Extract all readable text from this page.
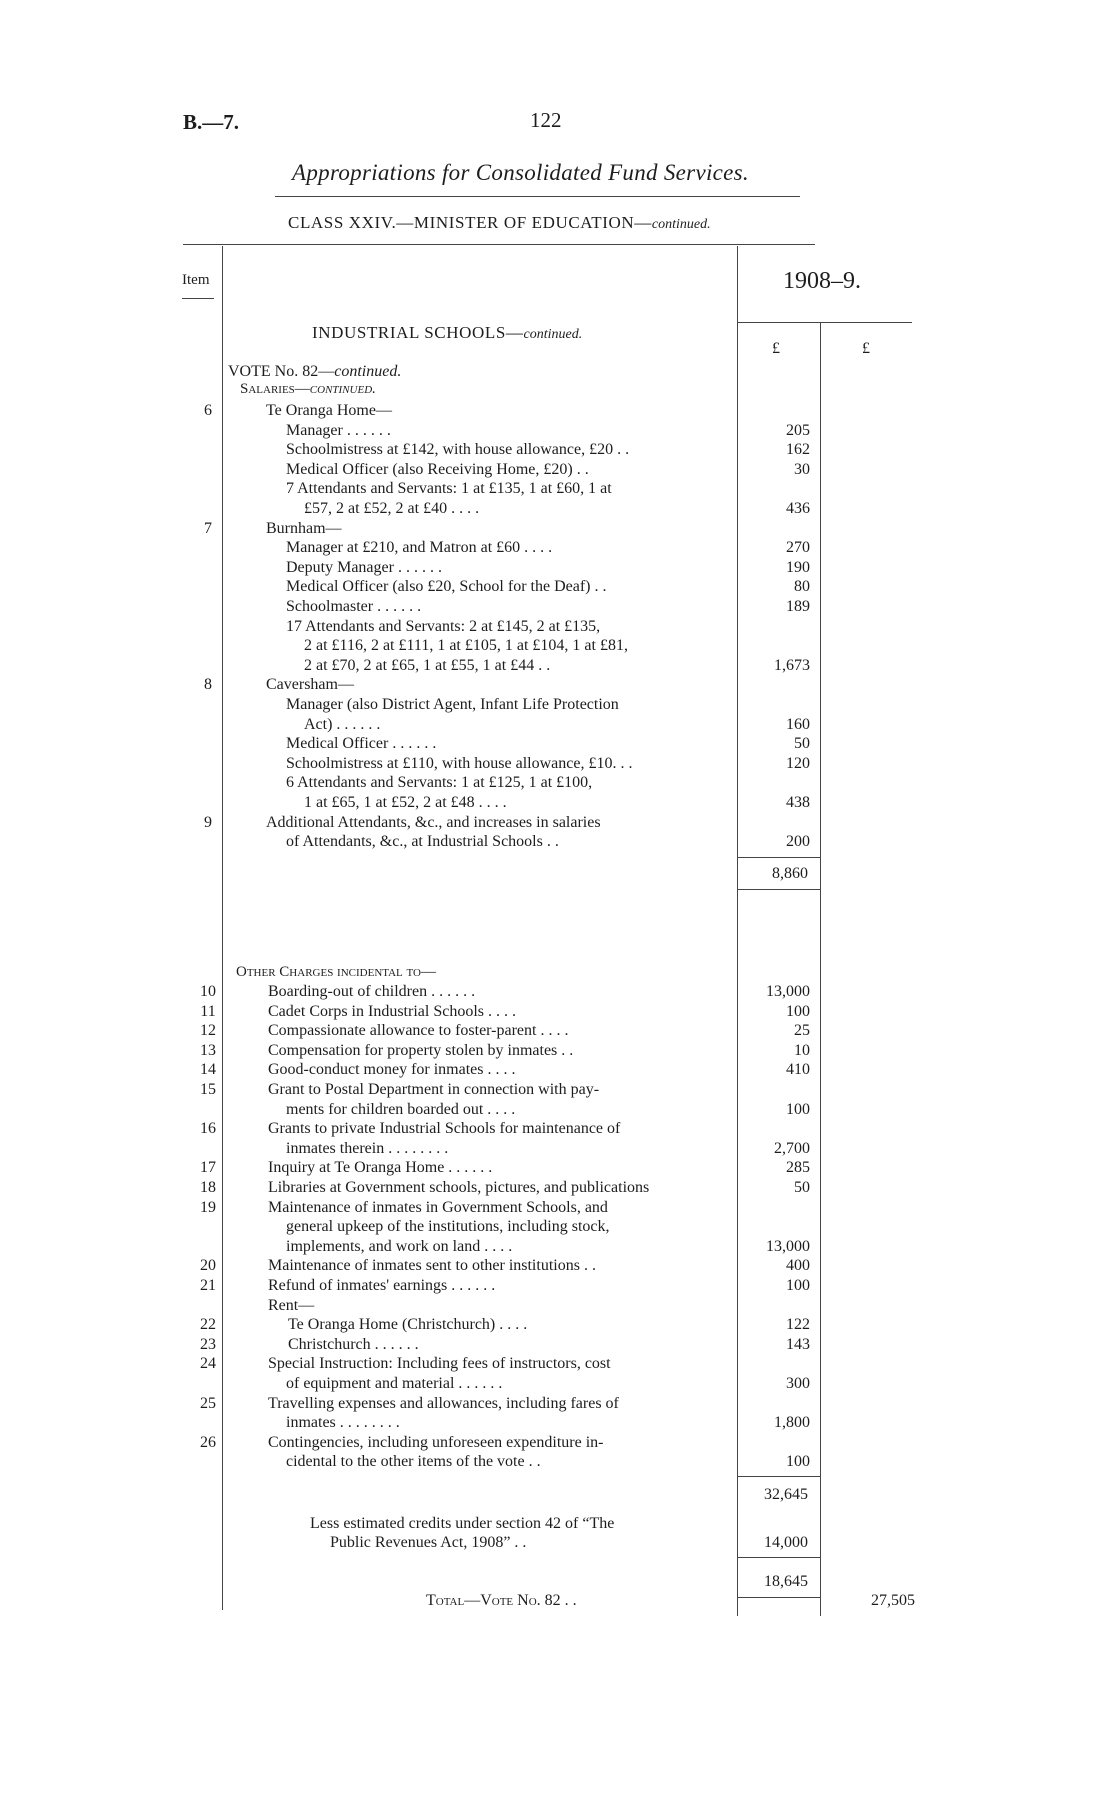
B.—7.	122
Appropriations for Consolidated Fund Services.
CLASS XXIV.—MINISTER OF EDUCATION—continued.
Item	1908–9.
£	£
INDUSTRIAL SCHOOLS—continued.
VOTE No. 82—continued.
Salaries—continued.
6	Te Oranga Home—
Manager . . . . . .	205
Schoolmistress at £142, with house allowance, £20 . .	162
Medical Officer (also Receiving Home, £20) . .	30
7 Attendants and Servants: 1 at £135, 1 at £60, 1 at
£57, 2 at £52, 2 at £40 . . . .	436
7	Burnham—
Manager at £210, and Matron at £60 . . . .	270
Deputy Manager . . . . . .	190
Medical Officer (also £20, School for the Deaf) . .	80
Schoolmaster . . . . . .	189
17 Attendants and Servants: 2 at £145, 2 at £135,
2 at £116, 2 at £111, 1 at £105, 1 at £104, 1 at £81,
2 at £70, 2 at £65, 1 at £55, 1 at £44 . .	1,673
8	Caversham—
Manager (also District Agent, Infant Life Protection
Act) . . . . . .	160
Medical Officer . . . . . .	50
Schoolmistress at £110, with house allowance, £10. . .	120
6 Attendants and Servants: 1 at £125, 1 at £100,
1 at £65, 1 at £52, 2 at £48 . . . .	438
9	Additional Attendants, &c., and increases in salaries
of Attendants, &c., at Industrial Schools . .	200
8,860
Other Charges incidental to—
10	Boarding-out of children . . . . . .	13,000
11	Cadet Corps in Industrial Schools . . . .	100
12	Compassionate allowance to foster-parent . . . .	25
13	Compensation for property stolen by inmates . .	10
14	Good-conduct money for inmates . . . .	410
15	Grant to Postal Department in connection with pay-
ments for children boarded out . . . .	100
16	Grants to private Industrial Schools for maintenance of
inmates therein . . . . . . . .	2,700
17	Inquiry at Te Oranga Home . . . . . .	285
18	Libraries at Government schools, pictures, and publications	50
19	Maintenance of inmates in Government Schools, and
general upkeep of the institutions, including stock,
implements, and work on land . . . .	13,000
20	Maintenance of inmates sent to other institutions . .	400
21	Refund of inmates' earnings . . . . . .	100
Rent—
22	Te Oranga Home (Christchurch) . . . .	122
23	Christchurch . . . . . .	143
24	Special Instruction: Including fees of instructors, cost
of equipment and material . . . . . .	300
25	Travelling expenses and allowances, including fares of
inmates . . . . . . . .	1,800
26	Contingencies, including unforeseen expenditure in-
cidental to the other items of the vote . .	100
32,645
Less estimated credits under section 42 of “The
Public Revenues Act, 1908” . .	14,000
18,645
Total—Vote No. 82 . .	27,505
